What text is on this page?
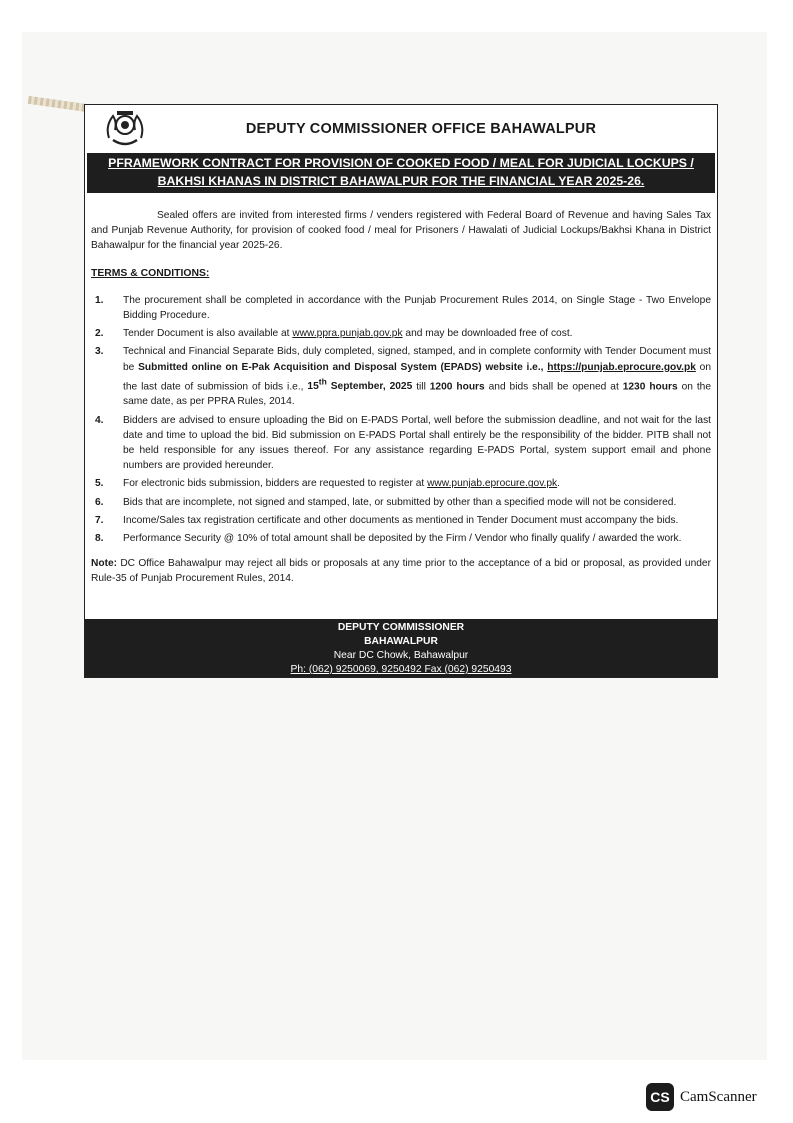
DEPUTY COMMISSIONER OFFICE BAHAWALPUR
PFRAMEWORK CONTRACT FOR PROVISION OF COOKED FOOD / MEAL FOR JUDICIAL LOCKUPS /
BAKHSI KHANAS IN DISTRICT BAHAWALPUR FOR THE FINANCIAL YEAR 2025-26.

Sealed offers are invited from interested firms / venders registered with Federal Board of Revenue and having Sales Tax and Punjab Revenue Authority, for provision of cooked food / meal for Prisoners / Hawalati of Judicial Lockups/Bakhsi Khana in District Bahawalpur for the financial year 2025-26.

TERMS & CONDITIONS:
1. The procurement shall be completed in accordance with the Punjab Procurement Rules 2014, on Single Stage - Two Envelope Bidding Procedure.
2. Tender Document is also available at www.ppra.punjab.gov.pk and may be downloaded free of cost.
3. Technical and Financial Separate Bids, duly completed, signed, stamped, and in complete conformity with Tender Document must be Submitted online on E-Pak Acquisition and Disposal System (EPADS) website i.e., https://punjab.eprocure.gov.pk on the last date of submission of bids i.e., 15th September, 2025 till 1200 hours and bids shall be opened at 1230 hours on the same date, as per PPRA Rules, 2014.
4. Bidders are advised to ensure uploading the Bid on E-PADS Portal, well before the submission deadline, and not wait for the last date and time to upload the bid. Bid submission on E-PADS Portal shall entirely be the responsibility of the bidder. PITB shall not be held responsible for any issues thereof. For any assistance regarding E-PADS Portal, system support email and phone numbers are provided hereunder.
5. For electronic bids submission, bidders are requested to register at www.punjab.eprocure.gov.pk.
6. Bids that are incomplete, not signed and stamped, late, or submitted by other than a specified mode will not be considered.
7. Income/Sales tax registration certificate and other documents as mentioned in Tender Document must accompany the bids.
8. Performance Security @ 10% of total amount shall be deposited by the Firm / Vendor who finally qualify / awarded the work.

Note: DC Office Bahawalpur may reject all bids or proposals at any time prior to the acceptance of a bid or proposal, as provided under Rule-35 of Punjab Procurement Rules, 2014.

DEPUTY COMMISSIONER
BAHAWALPUR
Near DC Chowk, Bahawalpur
Ph: (062) 9250069, 9250492 Fax (062) 9250493
CS CamScanner
